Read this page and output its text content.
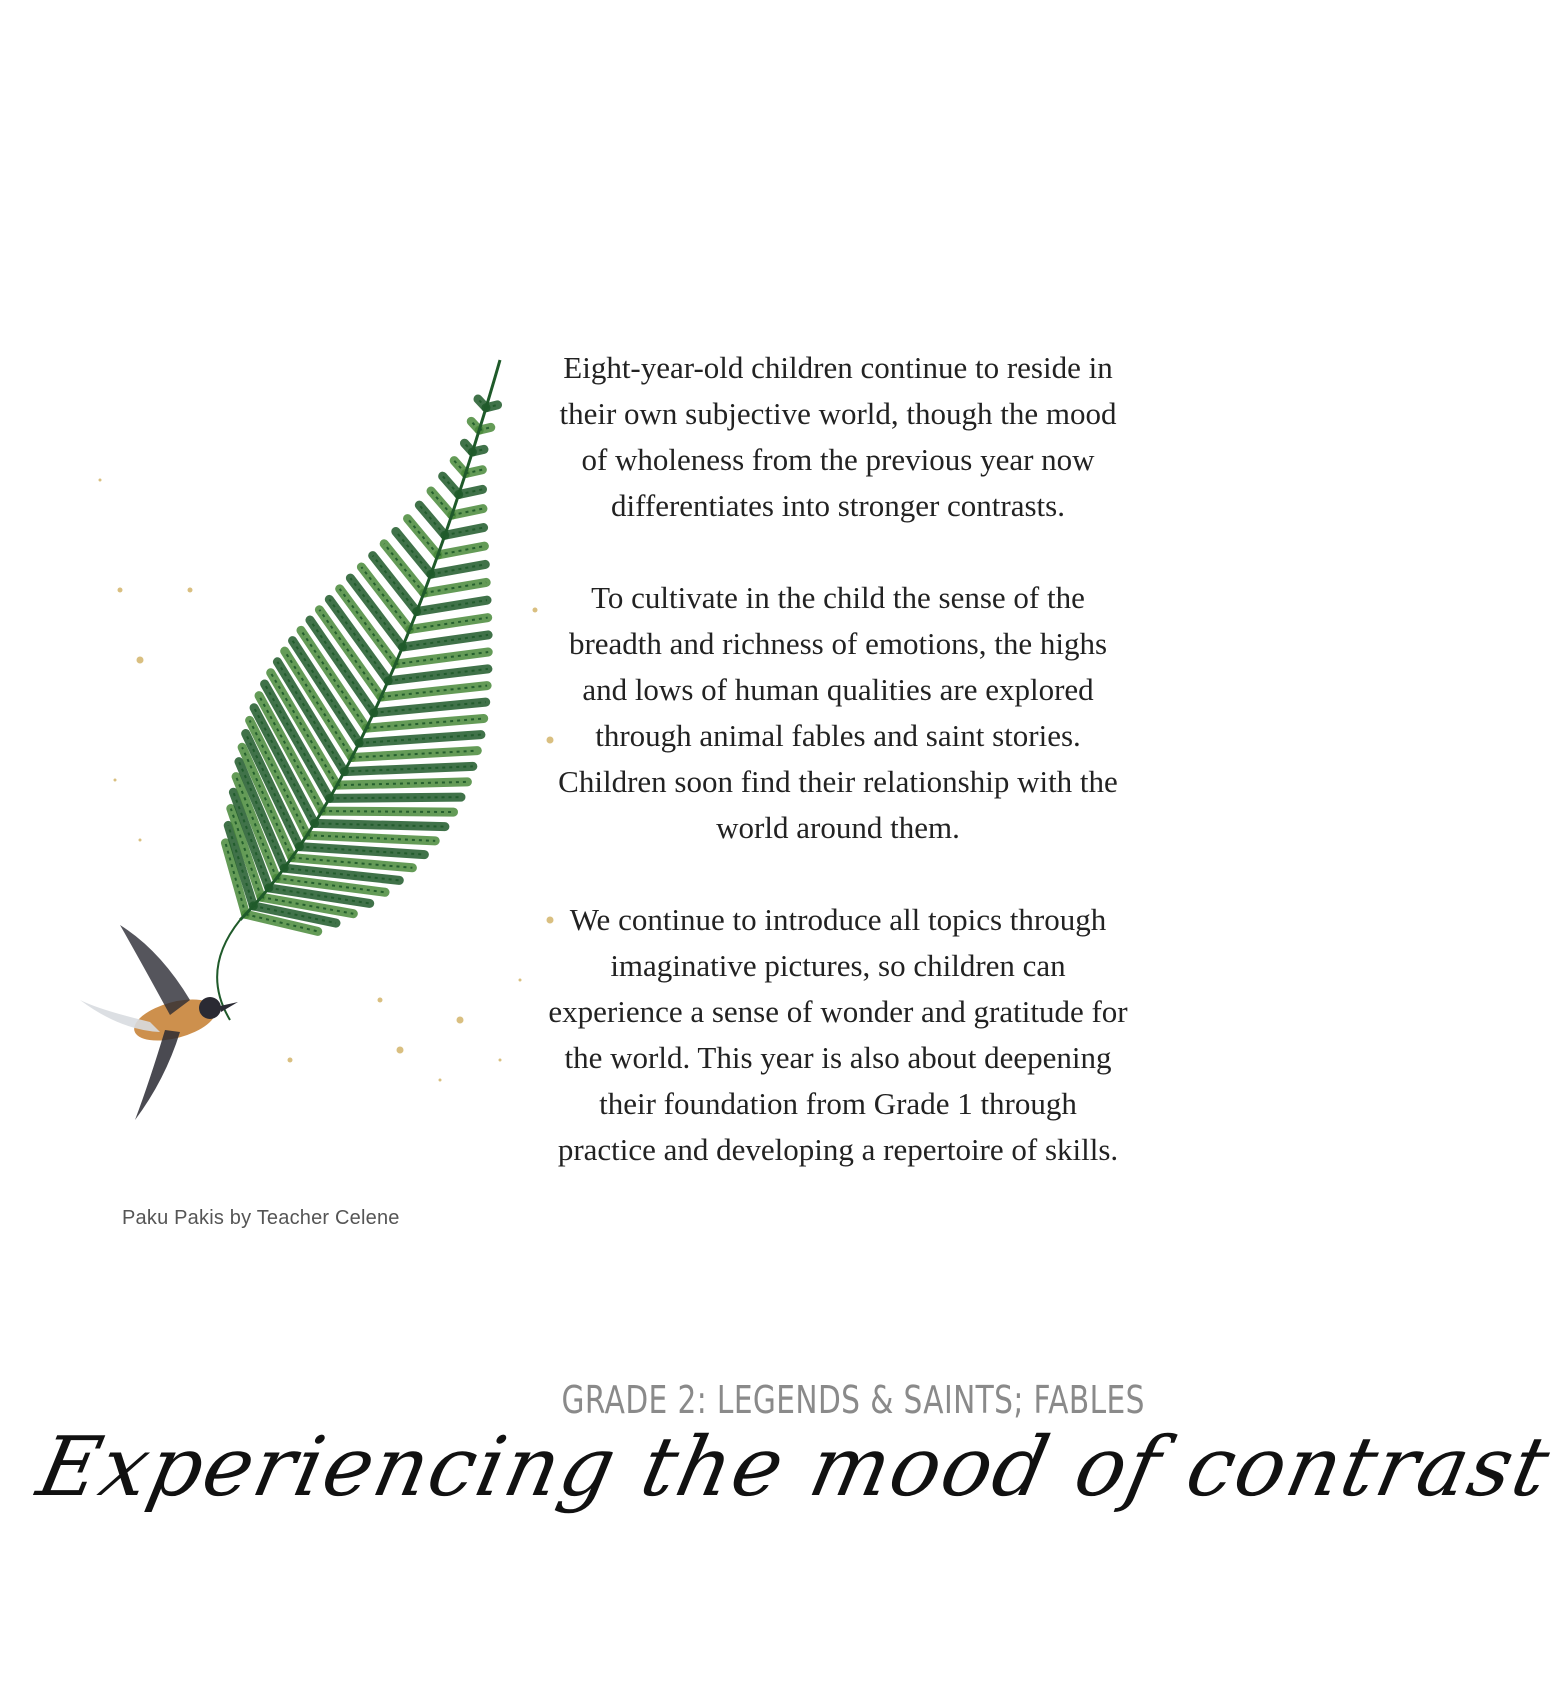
Paku Pakis by Teacher Celene

Eight-year-old children continue to reside in their own subjective world, though the mood of wholeness from the previous year now differentiates into stronger contrasts.

To cultivate in the child the sense of the breadth and richness of emotions, the highs and lows of human qualities are explored through animal fables and saint stories. Children soon find their relationship with the world around them.

We continue to introduce all topics through imaginative pictures, so children can experience a sense of wonder and gratitude for the world. This year is also about deepening their foundation from Grade 1 through practice and developing a repertoire of skills.

GRADE 2: LEGENDS & SAINTS; FABLES
Experiencing the mood of contrast
